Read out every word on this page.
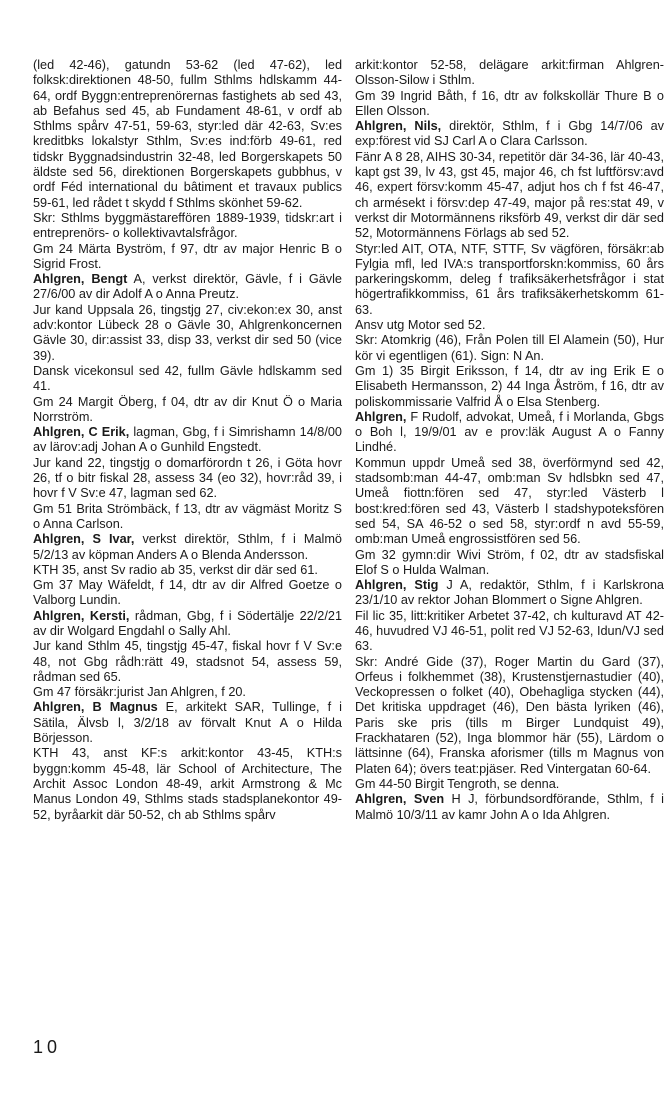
(led 42-46), gatundn 53-62 (led 47-62), led folksk:direktionen 48-50, fullm Sthlms hdlskamm 44-64, ordf Byggn:entreprenörernas fastighets ab sed 43, ab Befahus sed 45, ab Fundament 48-61, v ordf ab Sthlms spårv 47-51, 59-63, styr:led där 42-63, Sv:es kreditbks lokalstyr Sthlm, Sv:es ind:förb 49-61, red tidskr Byggnadsindustrin 32-48, led Borgerskapets 50 äldste sed 56, direktionen Borgerskapets gubbhus, v ordf Féd international du bâtiment et travaux publics 59-61, led rådet t skydd f Sthlms skönhet 59-62.

Skr: Sthlms byggmästareffören 1889-1939, tidskr:art i entreprenörs- o kollektivavtalsfrågor.

Gm 24 Märta Byström, f 97, dtr av major Henric B o Sigrid Frost.

Ahlgren, Bengt A, verkst direktör, Gävle, f i Gävle 27/6/00 av dir Adolf A o Anna Preutz.

Jur kand Uppsala 26, tingstjg 27, civ:ekon:ex 30, anst adv:kontor Lübeck 28 o Gävle 30, Ahlgrenkoncernen Gävle 30, dir:assist 33, disp 33, verkst dir sed 50 (vice 39).

Dansk vicekonsul sed 42, fullm Gävle hdlskamm sed 41.

Gm 24 Margit Öberg, f 04, dtr av dir Knut Ö o Maria Norrström.

Ahlgren, C Erik, lagman, Gbg, f i Simrishamn 14/8/00 av lärov:adj Johan A o Gunhild Engstedt.

Jur kand 22, tingstjg o domarförordn t 26, i Göta hovr 26, tf o bitr fiskal 28, assess 34 (eo 32), hovr:råd 39, i hovr f V Sv:e 47, lagman sed 62.

Gm 51 Brita Strömbäck, f 13, dtr av vägmäst Moritz S o Anna Carlson.

Ahlgren, S Ivar, verkst direktör, Sthlm, f i Malmö 5/2/13 av köpman Anders A o Blenda Andersson.

KTH 35, anst Sv radio ab 35, verkst dir där sed 61.

Gm 37 May Wäfeldt, f 14, dtr av dir Alfred Goetze o Valborg Lundin.

Ahlgren, Kersti, rådman, Gbg, f i Södertälje 22/2/21 av dir Wolgard Engdahl o Sally Ahl.

Jur kand Sthlm 45, tingstjg 45-47, fiskal hovr f V Sv:e 48, not Gbg rådh:rätt 49, stadsnot 54, assess 59, rådman sed 65.

Gm 47 försäkr:jurist Jan Ahlgren, f 20.

Ahlgren, B Magnus E, arkitekt SAR, Tullinge, f i Sätila, Älvsb l, 3/2/18 av förvalt Knut A o Hilda Börjesson.

KTH 43, anst KF:s arkit:kontor 43-45, KTH:s byggn:komm 45-48, lär School of Architecture, The Archit Assoc London 48-49, arkit Armstrong & Mc Manus London 49, Sthlms stads stadsplanekontor 49-52, byråarkit där 50-52, ch ab Sthlms spårv

arkit:kontor 52-58, delägare arkit:firman Ahlgren-Olsson-Silow i Sthlm.

Gm 39 Ingrid Båth, f 16, dtr av folkskollär Thure B o Ellen Olsson.

Ahlgren, Nils, direktör, Sthlm, f i Gbg 14/7/06 av exp:förest vid SJ Carl A o Clara Carlsson.

Fänr A 8 28, AIHS 30-34, repetitör där 34-36, lär 40-43, kapt gst 39, lv 43, gst 45, major 46, ch fst luftförsv:avd 46, expert försv:komm 45-47, adjut hos ch f fst 46-47, ch armésekt i försv:dep 47-49, major på res:stat 49, v verkst dir Motormännens riksförb 49, verkst dir där sed 52, Motormännens Förlags ab sed 52.

Styr:led AIT, OTA, NTF, STTF, Sv vägfören, försäkr:ab Fylgia mfl, led IVA:s transportforskn:kommiss, 60 års parkeringskomm, deleg f trafiksäkerhetsfrågor i stat högertrafikkommiss, 61 års trafiksäkerhetskomm 61-63.

Ansv utg Motor sed 52.

Skr: Atomkrig (46), Från Polen till El Alamein (50), Hur kör vi egentligen (61). Sign: N An.

Gm 1) 35 Birgit Eriksson, f 14, dtr av ing Erik E o Elisabeth Hermansson, 2) 44 Inga Åström, f 16, dtr av poliskommissarie Valfrid Å o Elsa Stenberg.

Ahlgren, F Rudolf, advokat, Umeå, f i Morlanda, Gbgs o Boh l, 19/9/01 av e prov:läk August A o Fanny Lindhé.

Kommun uppdr Umeå sed 38, överförmynd sed 42, stadsomb:man 44-47, omb:man Sv hdlsbkn sed 47, Umeå fiottn:fören sed 47, styr:led Västerb l bost:kred:fören sed 43, Västerb l stadshypoteksfören sed 54, SA 46-52 o sed 58, styr:ordf n avd 55-59, omb:man Umeå engrossistfören sed 56.

Gm 32 gymn:dir Wivi Ström, f 02, dtr av stadsfiskal Elof S o Hulda Walman.

Ahlgren, Stig J A, redaktör, Sthlm, f i Karlskrona 23/1/10 av rektor Johan Blommert o Signe Ahlgren.

Fil lic 35, litt:kritiker Arbetet 37-42, ch kulturavd AT 42-46, huvudred VJ 46-51, polit red VJ 52-63, Idun/VJ sed 63.

Skr: André Gide (37), Roger Martin du Gard (37), Orfeus i folkhemmet (38), Krustenstjernastudier (40), Veckopressen o folket (40), Obehagliga stycken (44), Det kritiska uppdraget (46), Den bästa lyriken (46), Paris ske pris (tills m Birger Lundquist 49), Frackhataren (52), Inga blommor här (55), Lärdom o lättsinne (64), Franska aforismer (tills m Magnus von Platen 64); övers teat:pjäser. Red Vintergatan 60-64.

Gm 44-50 Birgit Tengroth, se denna.

Ahlgren, Sven H J, förbundsordförande, Sthlm, f i Malmö 10/3/11 av kamr John A o Ida Ahlgren.

10
